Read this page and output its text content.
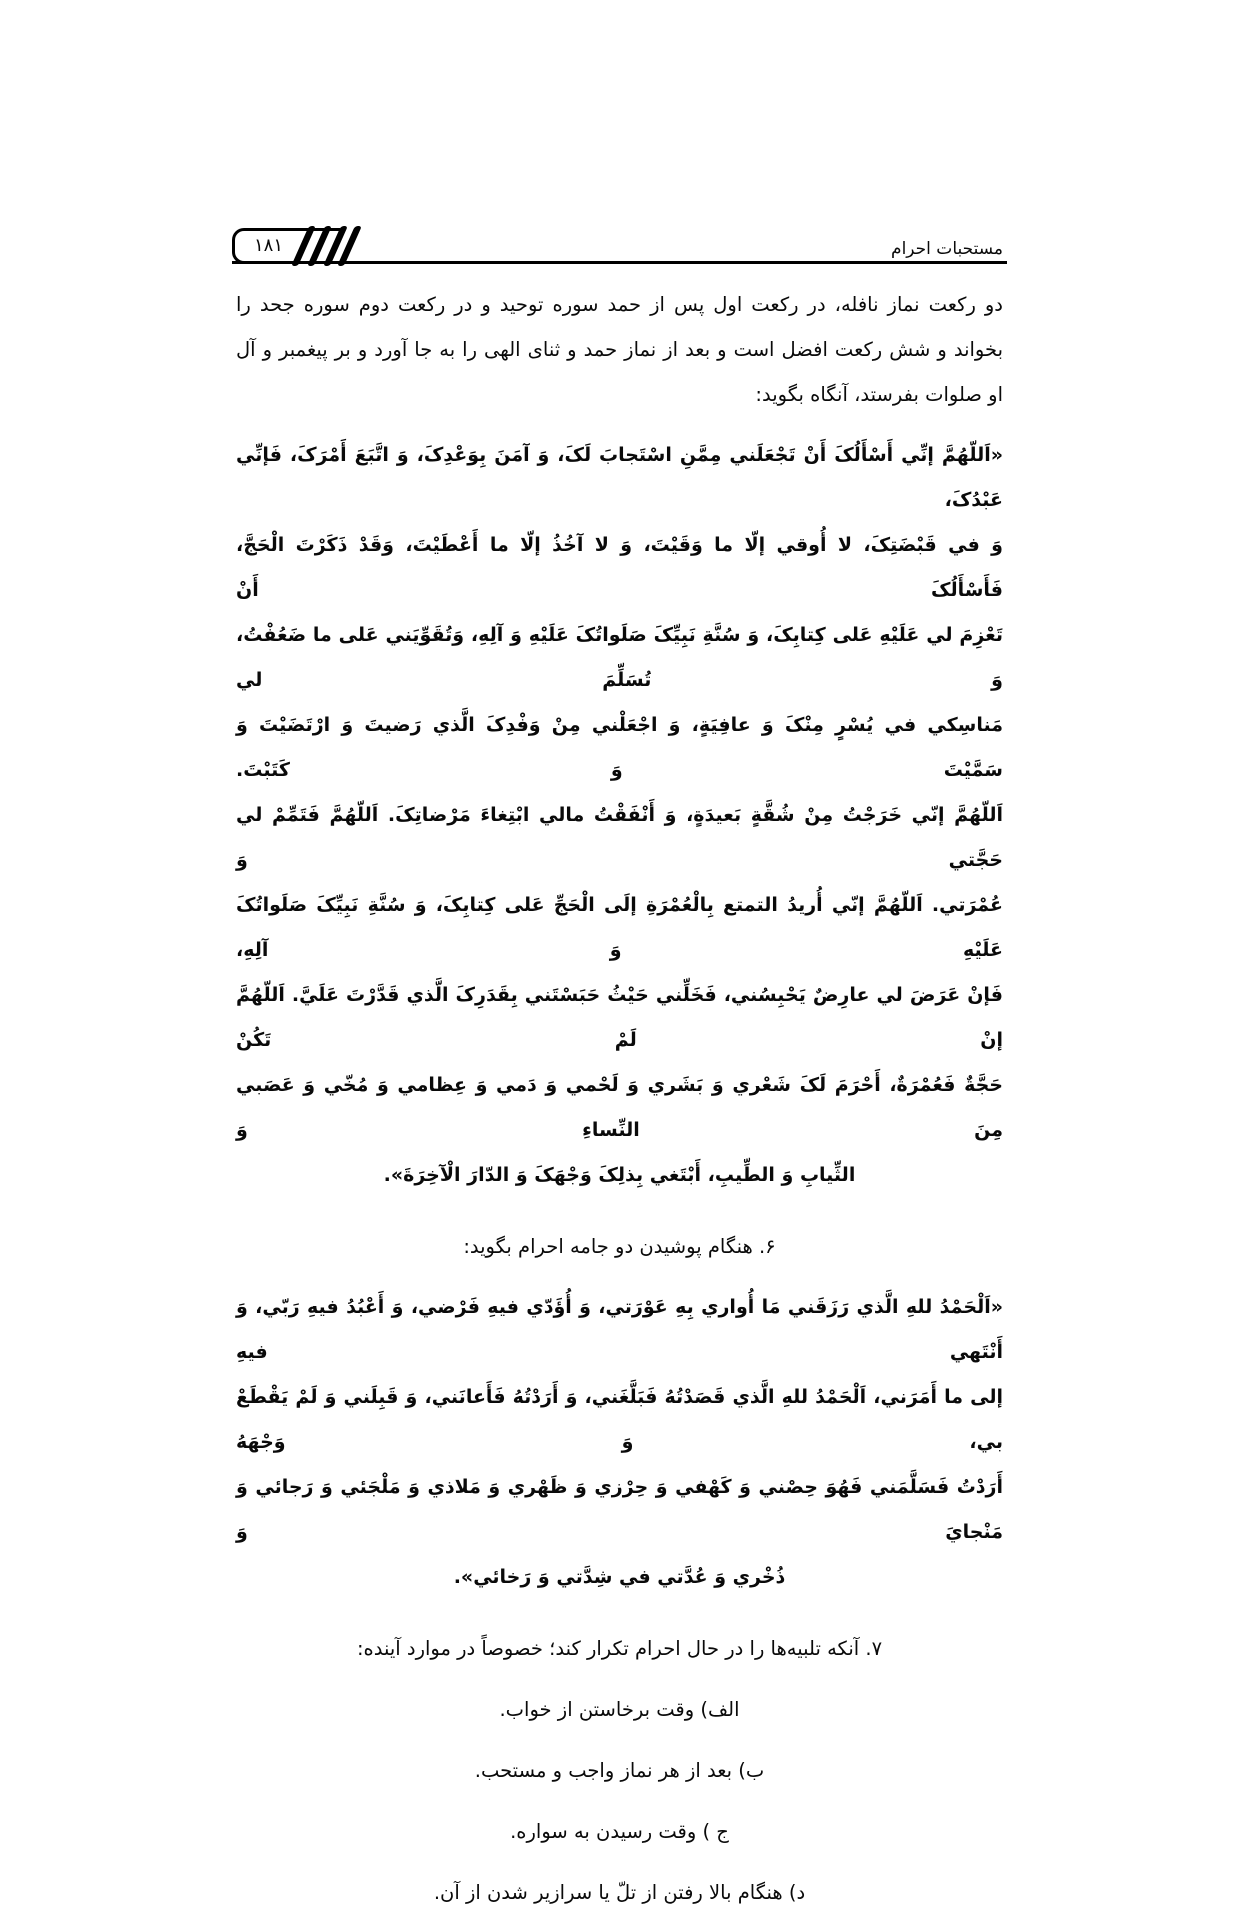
مستحبات احرام
۱۸۱

دو رکعت نماز نافله، در رکعت اول پس از حمد سوره توحید و در رکعت دوم سوره جحد را بخواند و شش رکعت افضل است و بعد از نماز حمد و ثنای الهی را به جا آورد و بر پیغمبر و آل او صلوات بفرستد، آنگاه بگوید:

«اَللّهُمَّ إنِّي أَسْأَلُکَ أَنْ تَجْعَلَني مِمَّنِ اسْتَجابَ لَکَ، وَ آمَنَ بِوَعْدِکَ، وَ اتَّبَعَ أَمْرَکَ، فَإنِّي عَبْدُکَ،

وَ في قَبْضَتِکَ، لا أُوقي إلّا ما وَقَيْتَ، وَ لا آخُذُ إلّا ما أَعْطَيْتَ، وَقَدْ ذَکَرْتَ الْحَجَّ، فَأَسْأَلُکَ أَنْ

تَعْزِمَ لي عَلَيْهِ عَلى کِتابِکَ، وَ سُنَّةِ نَبِيِّکَ صَلَواتُکَ عَلَيْهِ وَ آلِهِ، وَتُقَوِّيَني عَلى ما ضَعُفْتُ، وَ تُسَلِّمَ لي

مَناسِکي في يُسْرٍ مِنْکَ وَ عافِيَةٍ، وَ اجْعَلْني مِنْ وَفْدِکَ الَّذي رَضيتَ وَ ارْتَضَيْتَ وَ سَمَّيْتَ وَ کَتَبْتَ.

اَللّهُمَّ إنّي خَرَجْتُ مِنْ شُقَّةٍ بَعيدَةٍ، وَ أَنْفَقْتُ مالي ابْتِغاءَ مَرْضاتِکَ. اَللّهُمَّ فَتَمِّمْ لي حَجَّتي وَ

عُمْرَتي. اَللّهُمَّ إنّي أُريدُ التمتع بِالْعُمْرَةِ إلَى الْحَجِّ عَلى کِتابِکَ، وَ سُنَّةِ نَبِيِّکَ صَلَواتُکَ عَلَيْهِ وَ آلِهِ،

فَإنْ عَرَضَ لي عارِضٌ يَحْبِسُني، فَخَلِّني حَيْثُ حَبَسْتَني بِقَدَرِکَ الَّذي قَدَّرْتَ عَلَيَّ. اَللّهُمَّ إنْ لَمْ تَکُنْ

حَجَّةٌ فَعُمْرَةٌ، أَحْرَمَ لَکَ شَعْري وَ بَشَري وَ لَحْمي وَ دَمي وَ عِظامي وَ مُخّي وَ عَصَبي مِنَ النِّساءِ وَ

الثِّيابِ وَ الطِّيبِ، أَبْتَغي بِذلِکَ وَجْهَکَ وَ الدّارَ الْآخِرَةَ».

۶. هنگام پوشیدن دو جامه احرام بگوید:

«اَلْحَمْدُ للهِ الَّذي رَزَقَني مَا أُواري بِهِ عَوْرَتي، وَ أُؤَدّي فيهِ فَرْضي، وَ أَعْبُدُ فيهِ رَبّي، وَ أَنْتَهي فيهِ

إلى ما أَمَرَني، اَلْحَمْدُ للهِ الَّذي قَصَدْتُهُ فَبَلَّغَني، وَ أَرَدْتُهُ فَأَعانَني، وَ قَبِلَني وَ لَمْ يَقْطَعْ بي، وَ وَجْهَهُ

أَرَدْتُ فَسَلَّمَني فَهُوَ حِصْني وَ کَهْفي وَ حِرْزي وَ ظَهْري وَ مَلاذي وَ مَلْجَئي وَ رَجائي وَ مَنْجايَ وَ

ذُخْري وَ عُدَّتي في شِدَّتي وَ رَخائي».

۷. آنکه تلبیه‌ها را در حال احرام تکرار کند؛ خصوصاً در موارد آینده:

الف) وقت برخاستن از خواب.

ب) بعد از هر نماز واجب و مستحب.

ج ) وقت رسیدن به سواره.

د) هنگام بالا رفتن از تلّ یا سرازیر شدن از آن.
